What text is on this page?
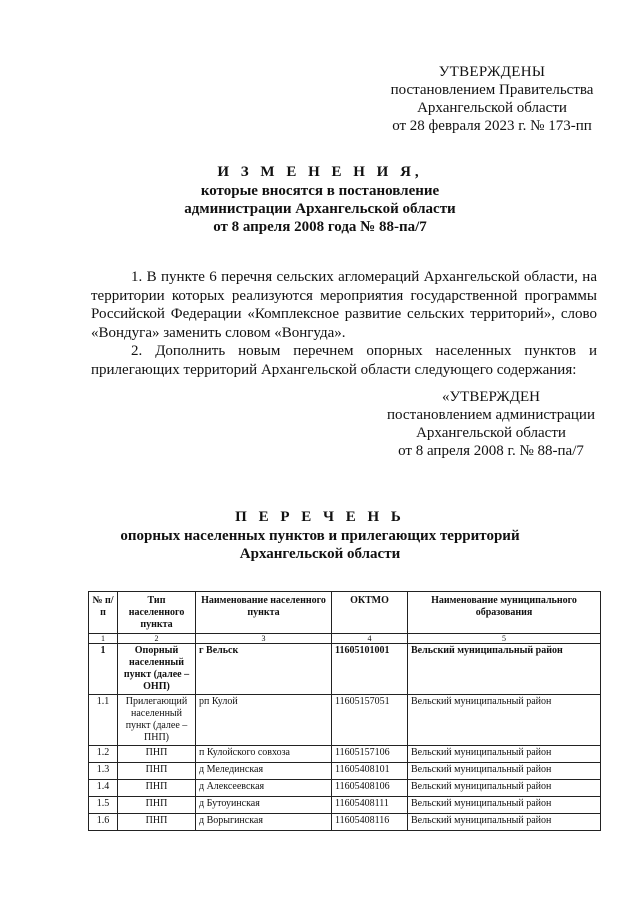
УТВЕРЖДЕНЫ
постановлением Правительства
Архангельской области
от 28 февраля 2023 г. № 173-пп
И З М Е Н Е Н И Я,
которые вносятся в постановление
администрации Архангельской области
от 8 апреля 2008 года № 88-па/7

1. В пункте 6 перечня сельских агломераций Архангельской области, на территории которых реализуются мероприятия государственной программы Российской Федерации «Комплексное развитие сельских территорий», слово «Вондуга» заменить словом «Вонгуда».

2. Дополнить новым перечнем опорных населенных пунктов и прилегающих территорий Архангельской области следующего содержания:

«УТВЕРЖДЕН
постановлением администрации
Архангельской области
от 8 апреля 2008 г. № 88-па/7
П Е Р Е Ч Е Н Ь
опорных населенных пунктов и прилегающих территорий
Архангельской области
№ п/п	Тип населенного пункта	Наименование населенного пункта	ОКТМО	Наименование муниципального образования
1	2	3	4	5
1	Опорный населенный пункт (далее – ОНП)	г Вельск	11605101001	Вельский муниципальный район
1.1	Прилегающий населенный пункт (далее – ПНП)	рп Кулой	11605157051	Вельский муниципальный район
1.2	ПНП	п Кулойского совхоза	11605157106	Вельский муниципальный район
1.3	ПНП	д Мелединская	11605408101	Вельский муниципальный район
1.4	ПНП	д Алексеевская	11605408106	Вельский муниципальный район
1.5	ПНП	д Бутоуинская	11605408111	Вельский муниципальный район
1.6	ПНП	д Ворыгинская	11605408116	Вельский муниципальный район
